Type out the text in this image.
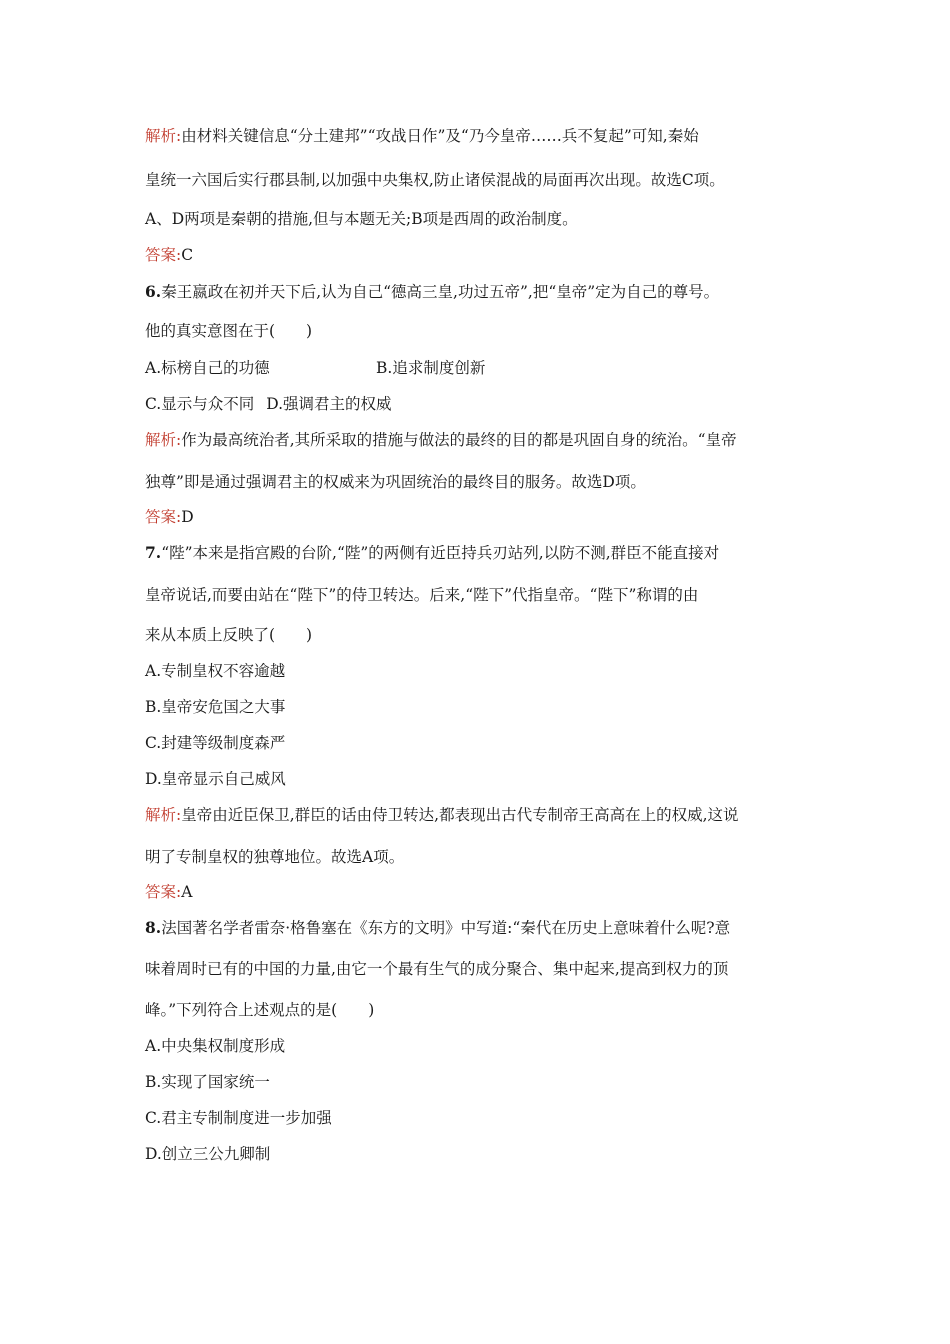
解析:由材料关键信息“分土建邦”“攻战日作”及“乃今皇帝……兵不复起”可知,秦始
皇统一六国后实行郡县制,以加强中央集权,防止诸侯混战的局面再次出现。故选C项。
A、D两项是秦朝的措施,但与本题无关;B项是西周的政治制度。
答案:C
6.秦王嬴政在初并天下后,认为自己“德高三皇,功过五帝”,把“皇帝”定为自己的尊号。
他的真实意图在于(　　)
A.标榜自己的功德	B.追求制度创新
C.显示与众不同 D.强调君主的权威
解析:作为最高统治者,其所采取的措施与做法的最终的目的都是巩固自身的统治。“皇帝
独尊”即是通过强调君主的权威来为巩固统治的最终目的服务。故选D项。
答案:D
7.“陛”本来是指宫殿的台阶,“陛”的两侧有近臣持兵刃站列,以防不测,群臣不能直接对
皇帝说话,而要由站在“陛下”的侍卫转达。后来,“陛下”代指皇帝。“陛下”称谓的由
来从本质上反映了(　　)
A.专制皇权不容逾越
B.皇帝安危国之大事
C.封建等级制度森严
D.皇帝显示自己威风
解析:皇帝由近臣保卫,群臣的话由侍卫转达,都表现出古代专制帝王高高在上的权威,这说
明了专制皇权的独尊地位。故选A项。
答案:A
8.法国著名学者雷奈·格鲁塞在《东方的文明》中写道:“秦代在历史上意味着什么呢?意
味着周时已有的中国的力量,由它一个最有生气的成分聚合、集中起来,提高到权力的顶
峰。”下列符合上述观点的是(　　)
A.中央集权制度形成
B.实现了国家统一
C.君主专制制度进一步加强
D.创立三公九卿制
